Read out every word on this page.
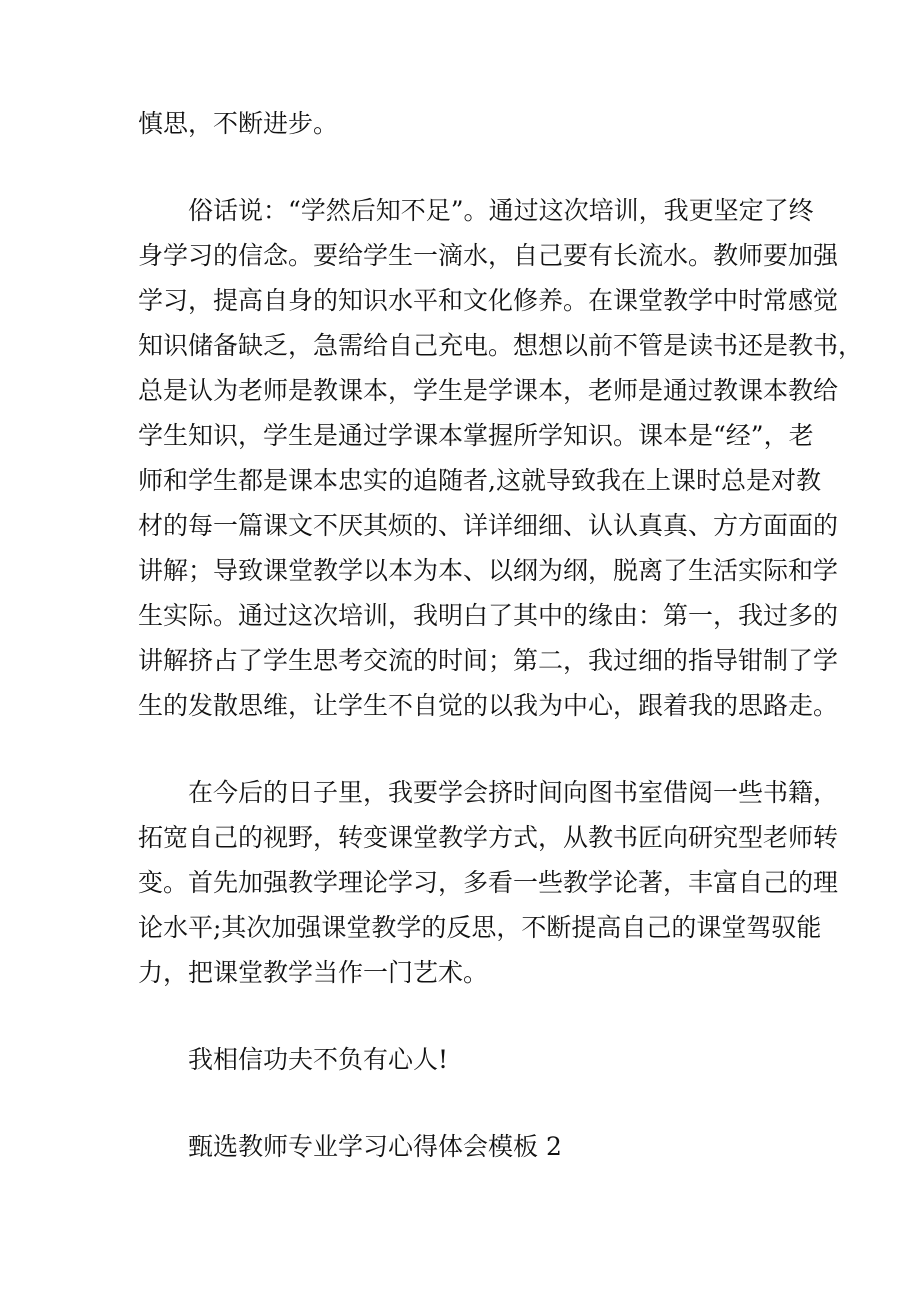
慎思，不断进步。
俗话说：“学然后知不足”。通过这次培训，我更坚定了终
身学习的信念。要给学生一滴水，自己要有长流水。教师要加强
学习，提高自身的知识水平和文化修养。在课堂教学中时常感觉
知识储备缺乏，急需给自己充电。想想以前不管是读书还是教书，
总是认为老师是教课本，学生是学课本，老师是通过教课本教给
学生知识，学生是通过学课本掌握所学知识。课本是“经”，老
师和学生都是课本忠实的追随者,这就导致我在上课时总是对教
材的每一篇课文不厌其烦的、详详细细、认认真真、方方面面的
讲解；导致课堂教学以本为本、以纲为纲，脱离了生活实际和学
生实际。通过这次培训，我明白了其中的缘由：第一，我过多的
讲解挤占了学生思考交流的时间；第二，我过细的指导钳制了学
生的发散思维，让学生不自觉的以我为中心，跟着我的思路走。
在今后的日子里，我要学会挤时间向图书室借阅一些书籍，
拓宽自己的视野，转变课堂教学方式，从教书匠向研究型老师转
变。首先加强教学理论学习，多看一些教学论著，丰富自己的理
论水平;其次加强课堂教学的反思，不断提高自己的课堂驾驭能
力，把课堂教学当作一门艺术。
我相信功夫不负有心人!
甄选教师专业学习心得体会模板 2
